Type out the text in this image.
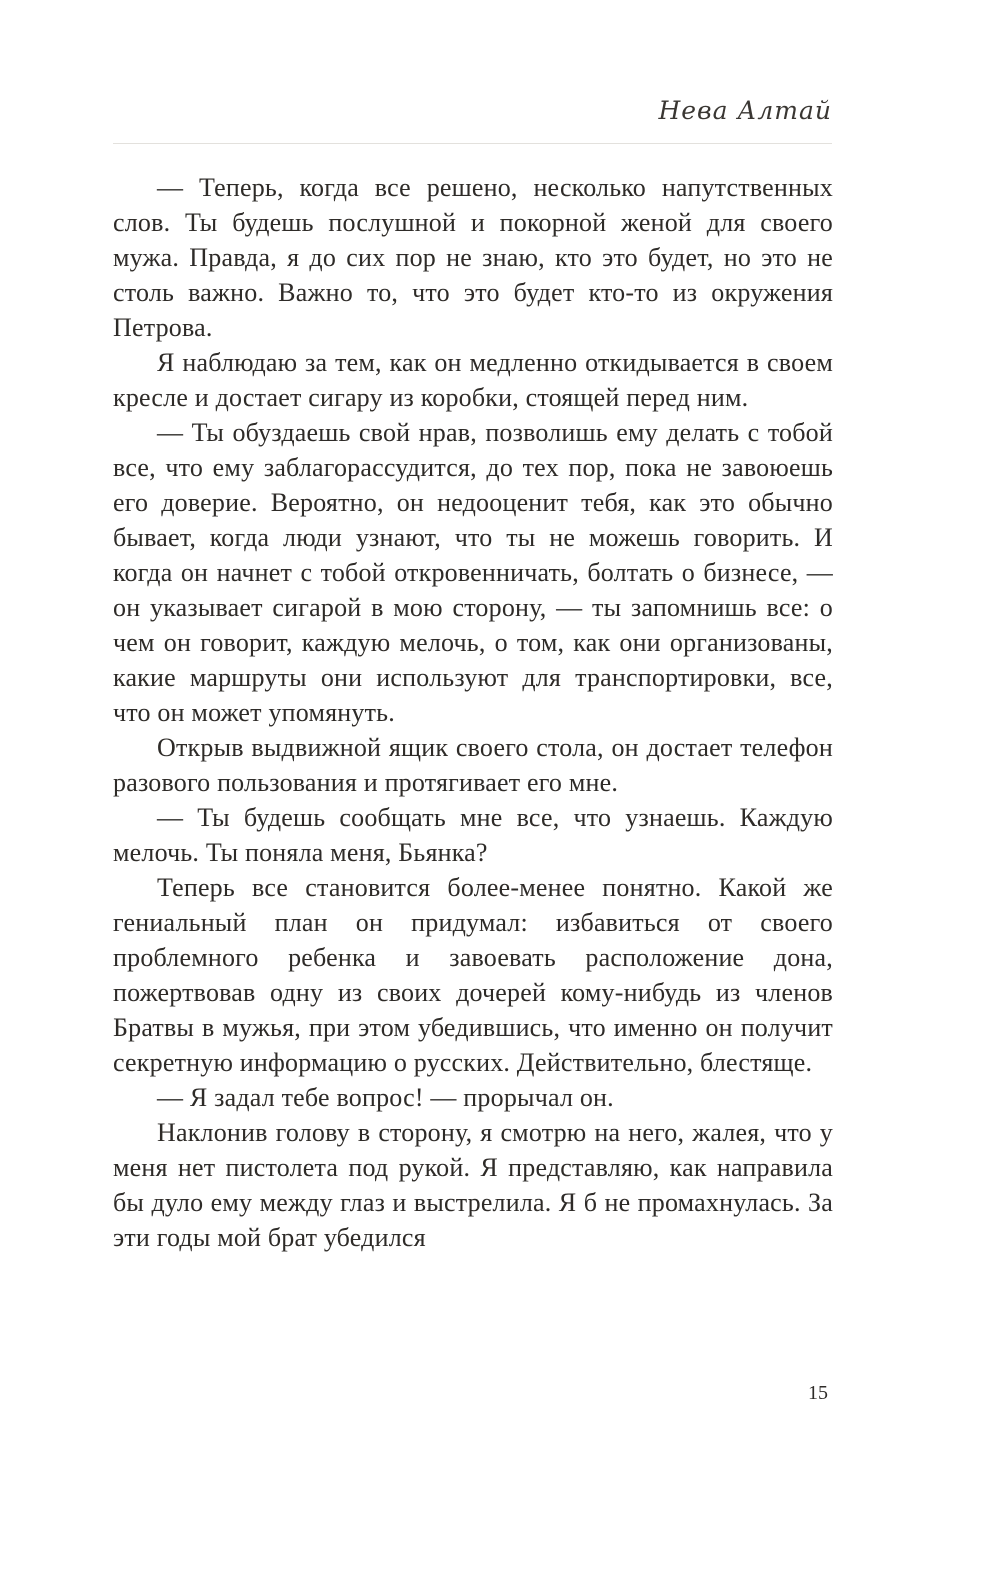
Нева Алтай

— Теперь, когда все решено, несколько напутственных слов. Ты будешь послушной и покорной женой для своего мужа. Правда, я до сих пор не знаю, кто это будет, но это не столь важно. Важно то, что это будет кто-то из окружения Петрова.

Я наблюдаю за тем, как он медленно откидывается в своем кресле и достает сигару из коробки, стоящей перед ним.

— Ты обуздаешь свой нрав, позволишь ему делать с тобой все, что ему заблагорассудится, до тех пор, пока не завоюешь его доверие. Вероятно, он недооценит тебя, как это обычно бывает, когда люди узнают, что ты не можешь говорить. И когда он начнет с тобой откровенничать, болтать о бизнесе, — он указывает сигарой в мою сторону, — ты запомнишь все: о чем он говорит, каждую мелочь, о том, как они организованы, какие маршруты они используют для транспортировки, все, что он может упомянуть.

Открыв выдвижной ящик своего стола, он достает телефон разового пользования и протягивает его мне.

— Ты будешь сообщать мне все, что узнаешь. Каждую мелочь. Ты поняла меня, Бьянка?

Теперь все становится более-менее понятно. Какой же гениальный план он придумал: избавиться от своего проблемного ребенка и завоевать расположение дона, пожертвовав одну из своих дочерей кому-нибудь из членов Братвы в мужья, при этом убедившись, что именно он получит секретную информацию о русских. Действительно, блестяще.

— Я задал тебе вопрос! — прорычал он.

Наклонив голову в сторону, я смотрю на него, жалея, что у меня нет пистолета под рукой. Я представляю, как направила бы дуло ему между глаз и выстрелила. Я б не промахнулась. За эти годы мой брат убедился

15
